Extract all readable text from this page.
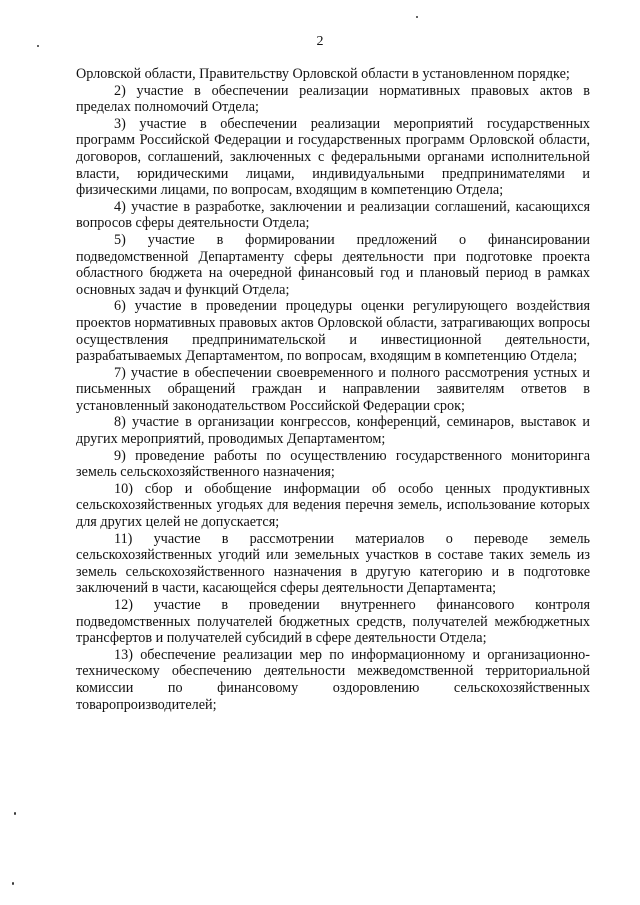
2

Орловской области, Правительству Орловской области в установленном порядке;

2) участие в обеспечении реализации нормативных правовых актов в пределах полномочий Отдела;

3) участие в обеспечении реализации мероприятий государственных программ Российской Федерации и государственных программ Орловской области, договоров, соглашений, заключенных с федеральными органами исполнительной власти, юридическими лицами, индивидуальными предпринимателями и физическими лицами, по вопросам, входящим в компетенцию Отдела;

4) участие в разработке, заключении и реализации соглашений, касающихся вопросов сферы деятельности Отдела;

5) участие в формировании предложений о финансировании подведомственной Департаменту сферы деятельности при подготовке проекта областного бюджета на очередной финансовый год и плановый период в рамках основных задач и функций Отдела;

6) участие в проведении процедуры оценки регулирующего воздействия проектов нормативных правовых актов Орловской области, затрагивающих вопросы осуществления предпринимательской и инвестиционной деятельности, разрабатываемых Департаментом, по вопросам, входящим в компетенцию Отдела;

7) участие в обеспечении своевременного и полного рассмотрения устных и письменных обращений граждан и направлении заявителям ответов в установленный законодательством Российской Федерации срок;

8) участие в организации конгрессов, конференций, семинаров, выставок и других мероприятий, проводимых Департаментом;

9) проведение работы по осуществлению государственного мониторинга земель сельскохозяйственного назначения;

10) сбор и обобщение информации об особо ценных продуктивных сельскохозяйственных угодьях для ведения перечня земель, использование которых для других целей не допускается;

11) участие в рассмотрении материалов о переводе земель сельскохозяйственных угодий или земельных участков в составе таких земель из земель сельскохозяйственного назначения в другую категорию и в подготовке заключений в части, касающейся сферы деятельности Департамента;

12) участие в проведении внутреннего финансового контроля подведомственных получателей бюджетных средств, получателей межбюджетных трансфертов и получателей субсидий в сфере деятельности Отдела;

13) обеспечение реализации мер по информационному и организационно-техническому обеспечению деятельности межведомственной территориальной комиссии по финансовому оздоровлению сельскохозяйственных товаропроизводителей;
